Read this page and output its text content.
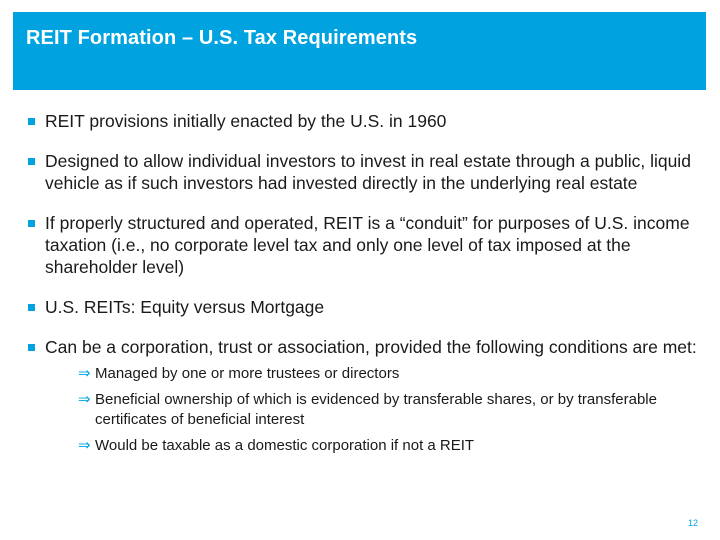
REIT Formation – U.S. Tax Requirements
REIT provisions initially enacted by the U.S. in 1960
Designed to allow individual investors to invest in real estate through a public, liquid vehicle as if such investors had invested directly in the underlying real estate
If properly structured and operated, REIT is a “conduit” for purposes of U.S. income taxation (i.e., no corporate level tax and only one level of tax imposed at the shareholder level)
U.S. REITs: Equity versus Mortgage
Can be a corporation, trust or association, provided the following conditions are met:
⇒ Managed by one or more trustees or directors
⇒ Beneficial ownership of which is evidenced by transferable shares, or by transferable certificates of beneficial interest
⇒ Would be taxable as a domestic corporation if not a REIT
12
